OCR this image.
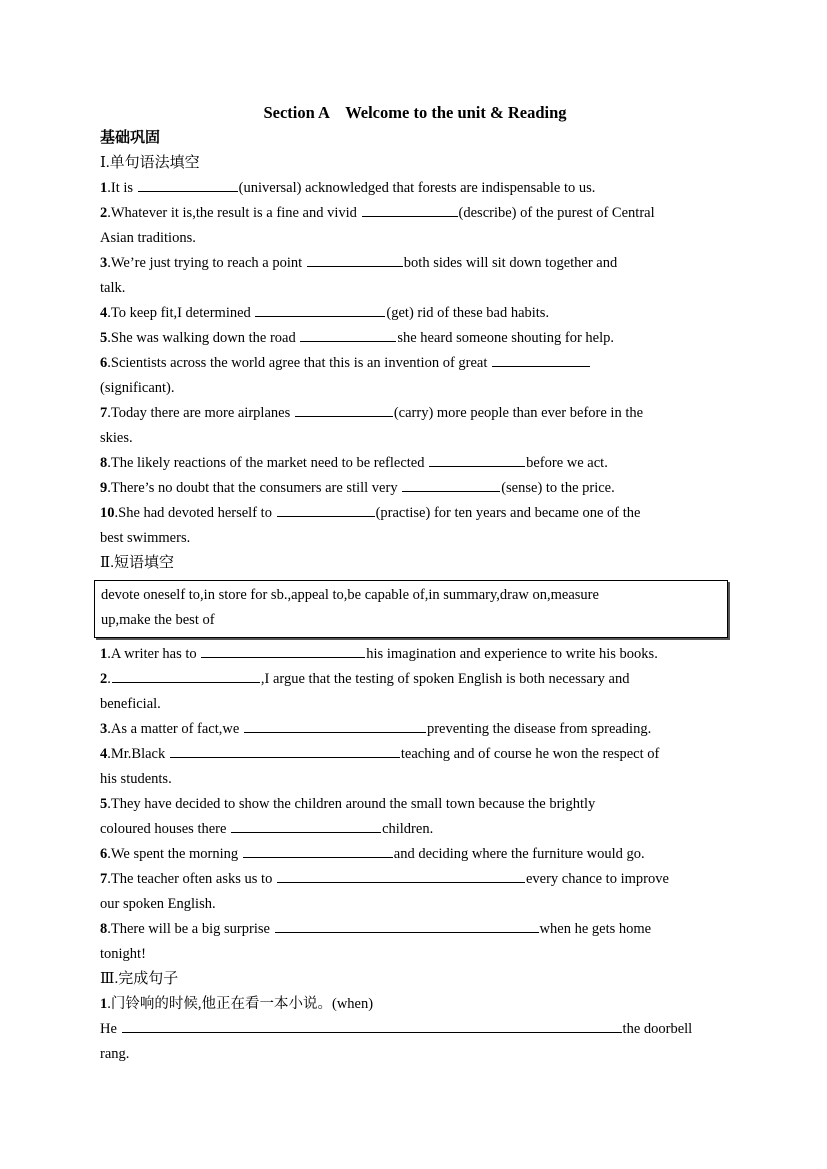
Section A    Welcome to the unit & Reading
基础巩固
Ⅰ.单句语法填空
1.It is	(universal) acknowledged that forests are indispensable to us.
2.Whatever it is,the result is a fine and vivid	(describe) of the purest of Central
Asian traditions.
3.We’re just trying to reach a point	both sides will sit down together and
talk.
4.To keep fit,I determined	(get) rid of these bad habits.
5.She was walking down the road	she heard someone shouting for help.
6.Scientists across the world agree that this is an invention of great
(significant).
7.Today there are more airplanes	(carry) more people than ever before in the
skies.
8.The likely reactions of the market need to be reflected	before we act.
9.There’s no doubt that the consumers are still very	(sense) to the price.
10.She had devoted herself to	(practise) for ten years and became one of the
best swimmers.
Ⅱ.短语填空
devote oneself to,in store for sb.,appeal to,be capable of,in summary,draw on,measure
up,make the best of
1.A writer has to	his imagination and experience to write his books.
2.	,I argue that the testing of spoken English is both necessary and
beneficial.
3.As a matter of fact,we	preventing the disease from spreading.
4.Mr.Black	teaching and of course he won the respect of
his students.
5.They have decided to show the children around the small town because the brightly
coloured houses there	children.
6.We spent the morning	and deciding where the furniture would go.
7.The teacher often asks us to	every chance to improve
our spoken English.
8.There will be a big surprise	when he gets home
tonight!
Ⅲ.完成句子
1.门铃响的时候,他正在看一本小说。(when)
He	the doorbell
rang.
